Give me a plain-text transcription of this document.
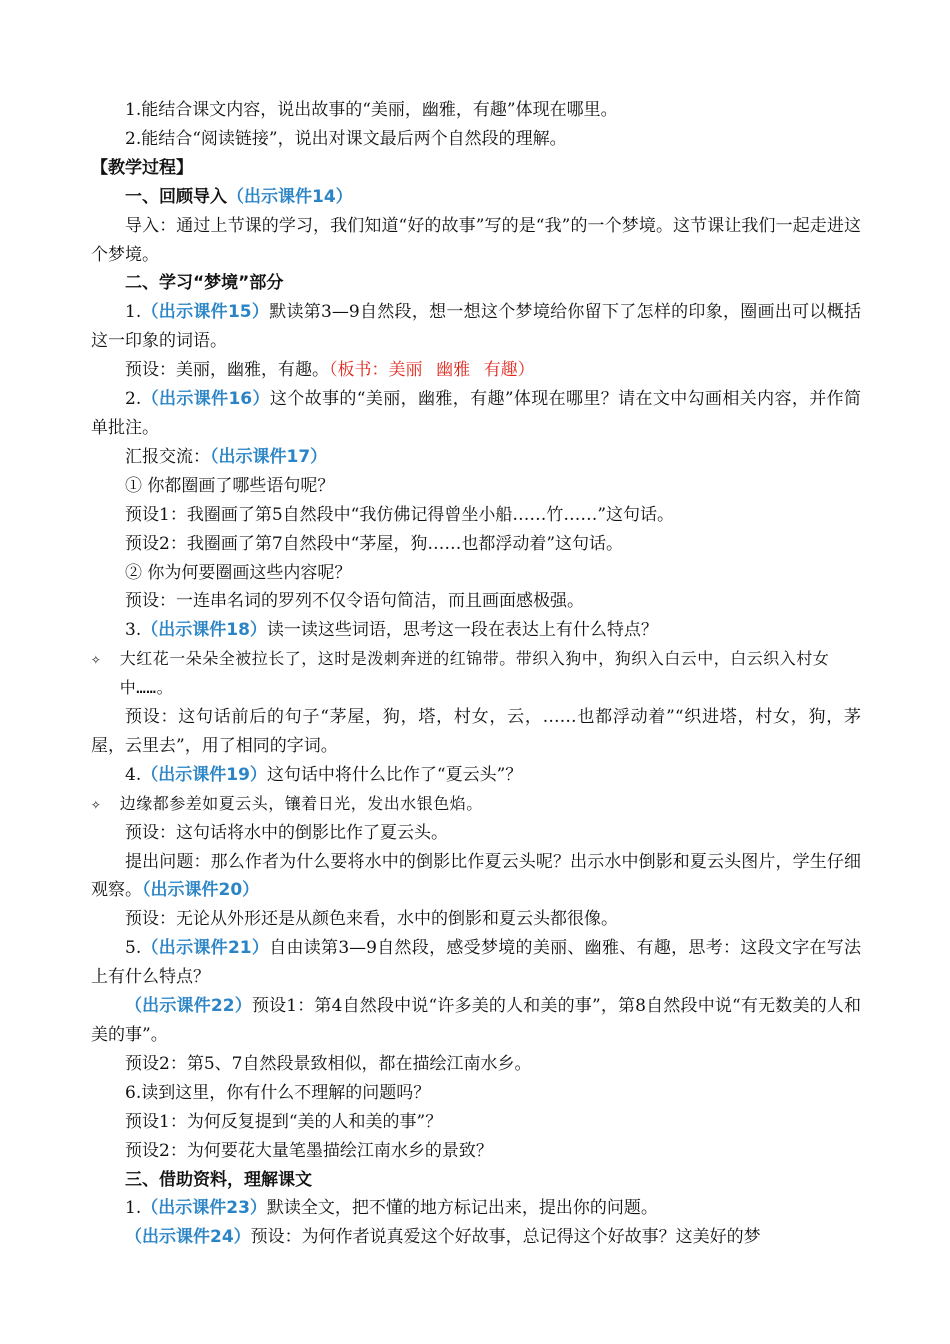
1.能结合课文内容，说出故事的“美丽，幽雅，有趣”体现在哪里。

2.能结合“阅读链接”，说出对课文最后两个自然段的理解。

【教学过程】

一、回顾导入（出示课件14）

导入：通过上节课的学习，我们知道“好的故事”写的是“我”的一个梦境。这节课让我们一起走进这个梦境。

二、学习“梦境”部分

1.（出示课件15）默读第3—9自然段，想一想这个梦境给你留下了怎样的印象，圈画出可以概括这一印象的词语。

预设：美丽，幽雅，有趣。（板书：美丽 幽雅 有趣）

2.（出示课件16）这个故事的“美丽，幽雅，有趣”体现在哪里？请在文中勾画相关内容，并作简单批注。

汇报交流：（出示课件17）

① 你都圈画了哪些语句呢？

预设1：我圈画了第5自然段中“我仿佛记得曾坐小船……竹……”这句话。

预设2：我圈画了第7自然段中“茅屋，狗……也都浮动着”这句话。

② 你为何要圈画这些内容呢？

预设：一连串名词的罗列不仅令语句简洁，而且画面感极强。

3.（出示课件18）读一读这些词语，思考这一段在表达上有什么特点？

✧ 大红花一朵朵全被拉长了，这时是泼刺奔迸的红锦带。带织入狗中，狗织入白云中，白云织入村女中……。

预设：这句话前后的句子“茅屋，狗，塔，村女，云，……也都浮动着”“织进塔，村女，狗，茅屋，云里去”，用了相同的字词。

4.（出示课件19）这句话中将什么比作了“夏云头”？

✧ 边缘都参差如夏云头，镶着日光，发出水银色焰。

预设：这句话将水中的倒影比作了夏云头。

提出问题：那么作者为什么要将水中的倒影比作夏云头呢？出示水中倒影和夏云头图片，学生仔细观察。（出示课件20）

预设：无论从外形还是从颜色来看，水中的倒影和夏云头都很像。

5.（出示课件21）自由读第3—9自然段，感受梦境的美丽、幽雅、有趣，思考：这段文字在写法上有什么特点？

（出示课件22）预设1：第4自然段中说“许多美的人和美的事”，第8自然段中说“有无数美的人和美的事”。

预设2：第5、7自然段景致相似，都在描绘江南水乡。

6.读到这里，你有什么不理解的问题吗？

预设1：为何反复提到“美的人和美的事”？

预设2：为何要花大量笔墨描绘江南水乡的景致？

三、借助资料，理解课文

1.（出示课件23）默读全文，把不懂的地方标记出来，提出你的问题。

（出示课件24）预设：为何作者说真爱这个好故事，总记得这个好故事？这美好的梦
